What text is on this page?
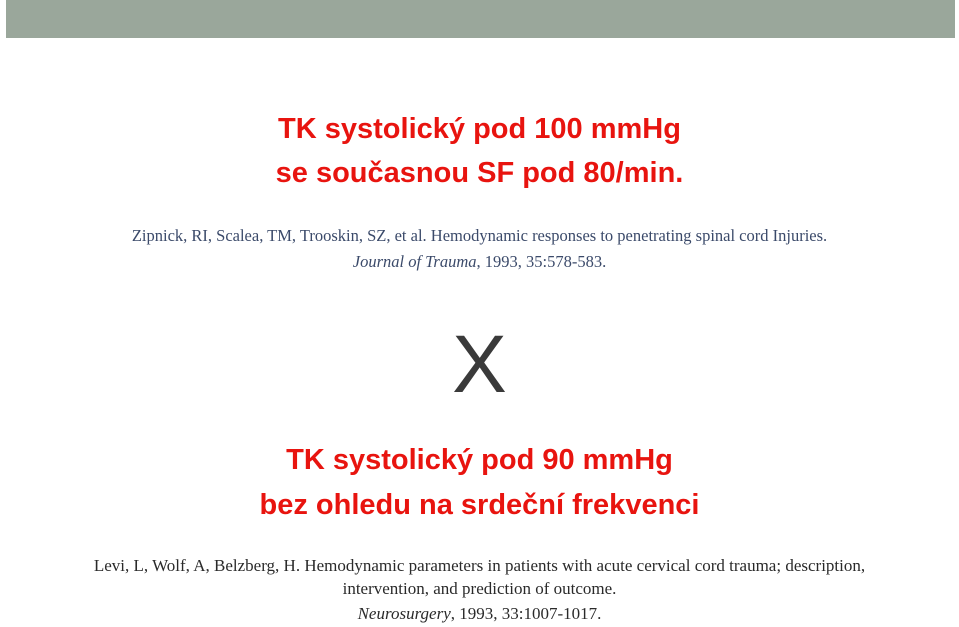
TK systolický pod 100 mmHg
se současnou SF pod 80/min.
Zipnick, RI, Scalea, TM, Trooskin, SZ, et al. Hemodynamic responses to penetrating spinal cord Injuries.
Journal of Trauma, 1993, 35:578-583.
X
TK systolický pod 90 mmHg
bez ohledu na srdeční frekvenci
Levi, L, Wolf, A, Belzberg, H. Hemodynamic parameters in patients with acute cervical cord trauma; description,
intervention, and prediction of outcome.
Neurosurgery, 1993, 33:1007-1017.
